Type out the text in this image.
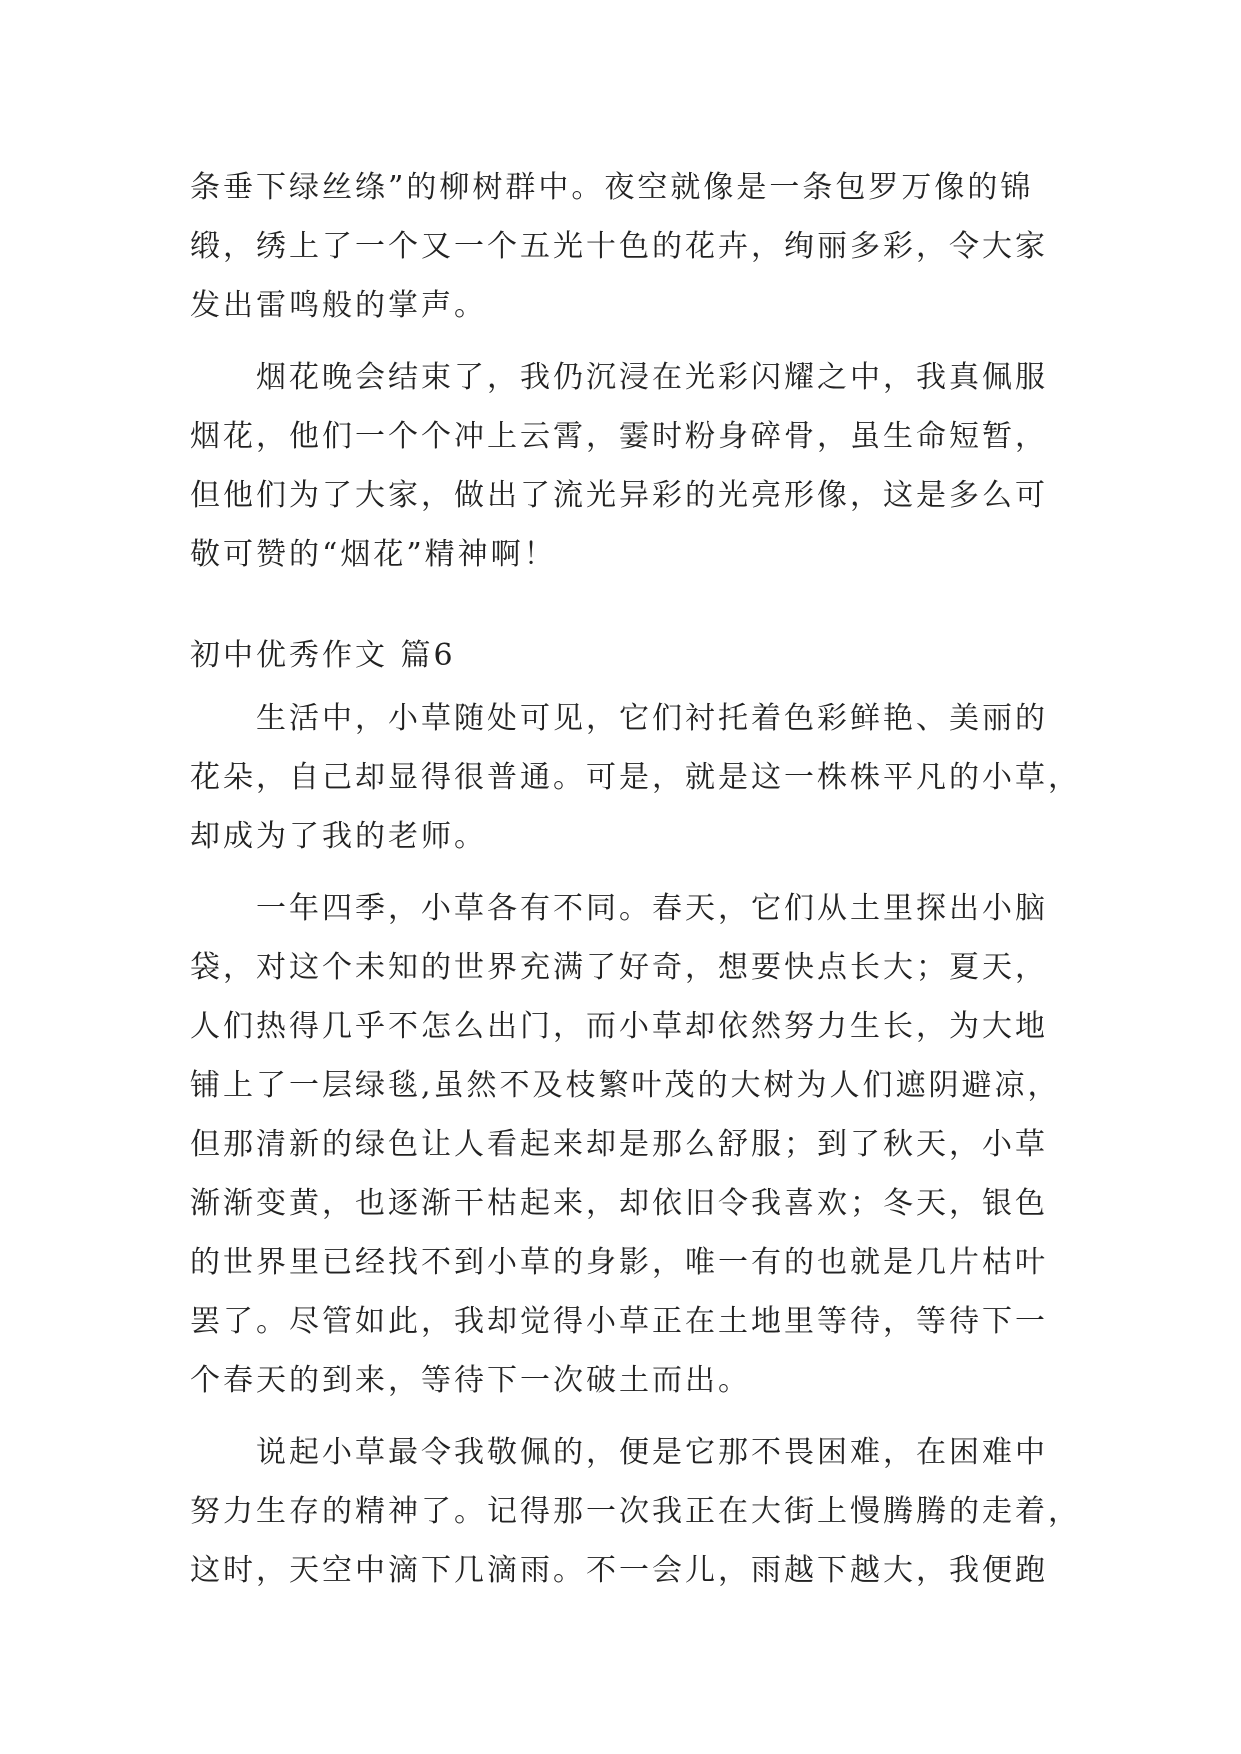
条垂下绿丝绦”的柳树群中。夜空就像是一条包罗万像的锦
缎，绣上了一个又一个五光十色的花卉，绚丽多彩，令大家
发出雷鸣般的掌声。
烟花晚会结束了，我仍沉浸在光彩闪耀之中，我真佩服
烟花，他们一个个冲上云霄，霎时粉身碎骨，虽生命短暂，
但他们为了大家，做出了流光异彩的光亮形像，这是多么可
敬可赞的“烟花”精神啊！
初中优秀作文 篇6
生活中，小草随处可见，它们衬托着色彩鲜艳、美丽的
花朵，自己却显得很普通。可是，就是这一株株平凡的小草，
却成为了我的老师。
一年四季，小草各有不同。春天，它们从土里探出小脑
袋，对这个未知的世界充满了好奇，想要快点长大；夏天，
人们热得几乎不怎么出门，而小草却依然努力生长，为大地
铺上了一层绿毯,虽然不及枝繁叶茂的大树为人们遮阴避凉，
但那清新的绿色让人看起来却是那么舒服；到了秋天，小草
渐渐变黄，也逐渐干枯起来，却依旧令我喜欢；冬天，银色
的世界里已经找不到小草的身影，唯一有的也就是几片枯叶
罢了。尽管如此，我却觉得小草正在土地里等待，等待下一
个春天的到来，等待下一次破土而出。
说起小草最令我敬佩的，便是它那不畏困难，在困难中
努力生存的精神了。记得那一次我正在大街上慢腾腾的走着，
这时，天空中滴下几滴雨。不一会儿，雨越下越大，我便跑
